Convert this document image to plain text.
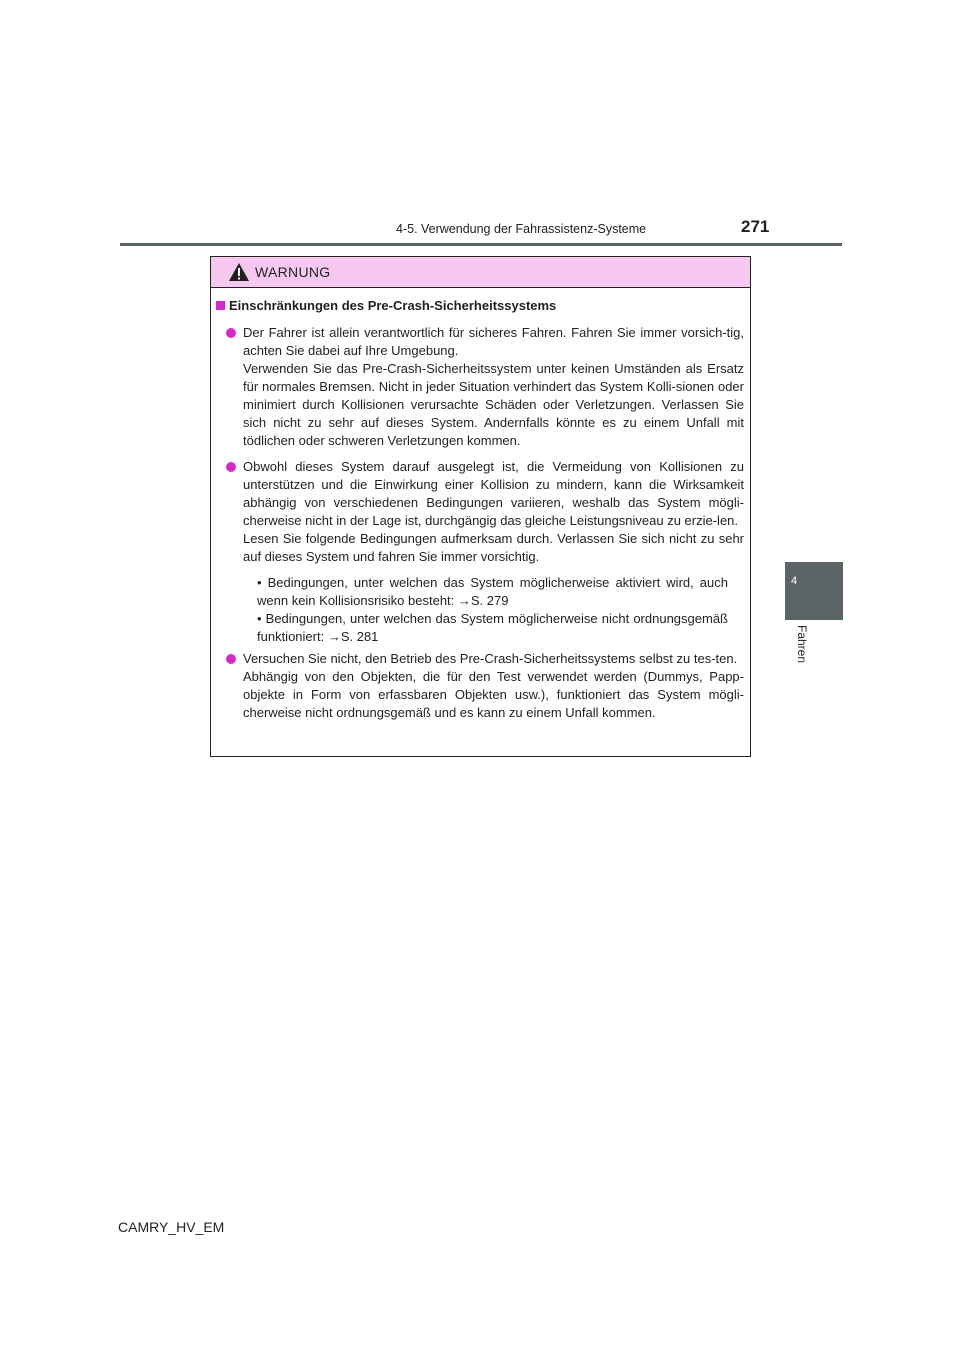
4-5. Verwendung der Fahrassistenz-Systeme	271
4
Fahren
WARNUNG
Einschränkungen des Pre-Crash-Sicherheitssystems
Der Fahrer ist allein verantwortlich für sicheres Fahren. Fahren Sie immer vorsich-tig, achten Sie dabei auf Ihre Umgebung.
Verwenden Sie das Pre-Crash-Sicherheitssystem unter keinen Umständen als Ersatz für normales Bremsen. Nicht in jeder Situation verhindert das System Kolli-sionen oder minimiert durch Kollisionen verursachte Schäden oder Verletzungen. Verlassen Sie sich nicht zu sehr auf dieses System. Andernfalls könnte es zu einem Unfall mit tödlichen oder schweren Verletzungen kommen.
Obwohl dieses System darauf ausgelegt ist, die Vermeidung von Kollisionen zu unterstützen und die Einwirkung einer Kollision zu mindern, kann die Wirksamkeit abhängig von verschiedenen Bedingungen variieren, weshalb das System mögli-cherweise nicht in der Lage ist, durchgängig das gleiche Leistungsniveau zu erzie-len.
Lesen Sie folgende Bedingungen aufmerksam durch. Verlassen Sie sich nicht zu sehr auf dieses System und fahren Sie immer vorsichtig.
• Bedingungen, unter welchen das System möglicherweise aktiviert wird, auch wenn kein Kollisionsrisiko besteht: →S. 279
• Bedingungen, unter welchen das System möglicherweise nicht ordnungsgemäß funktioniert: →S. 281
Versuchen Sie nicht, den Betrieb des Pre-Crash-Sicherheitssystems selbst zu tes-ten.
Abhängig von den Objekten, die für den Test verwendet werden (Dummys, Papp-objekte in Form von erfassbaren Objekten usw.), funktioniert das System mögli-cherweise nicht ordnungsgemäß und es kann zu einem Unfall kommen.
CAMRY_HV_EM
